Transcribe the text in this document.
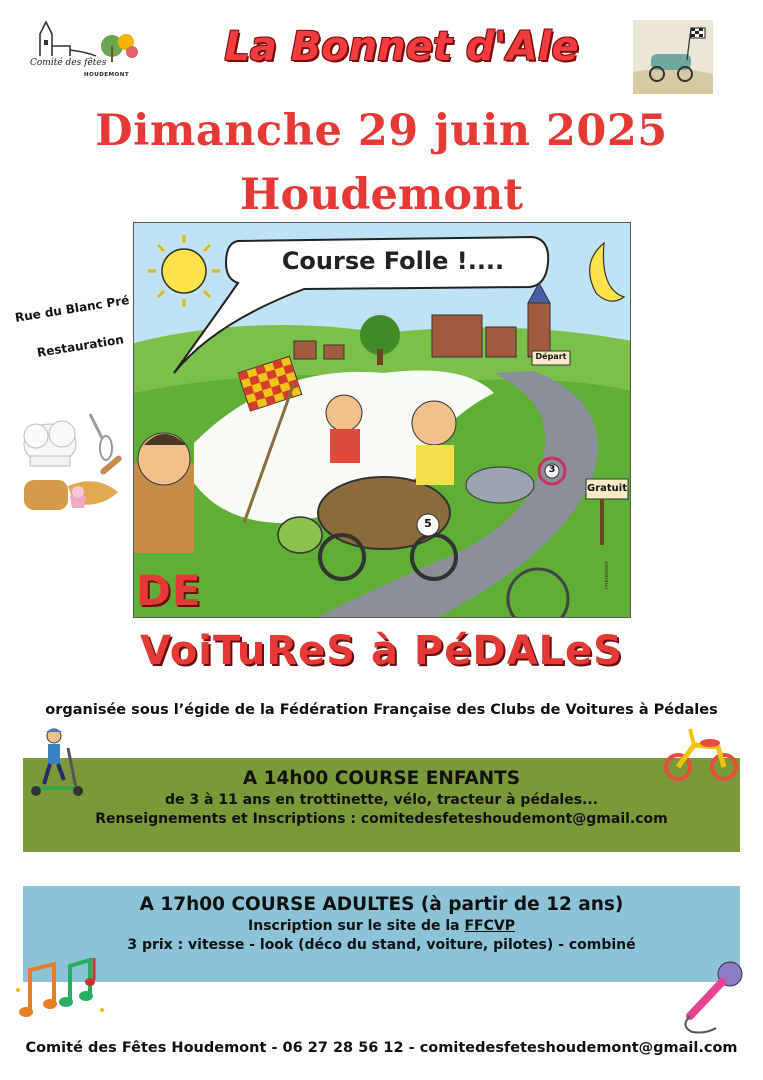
Comité des fêtes
HOUDEMONT
La Bonnet d'Ale
Dimanche 29 juin 2025
Houdemont
Rue du Blanc Pré
Restauration
Course Folle !....
Départ
Gratuit
5
3
Impression
DE
VoiTuReS à PéDALeS
organisée sous l’égide de la Fédération Française des Clubs de Voitures à Pédales
A 14h00 COURSE ENFANTS

de 3 à 11 ans en trottinette, vélo, tracteur à pédales...

Renseignements et Inscriptions : comitedesfeteshoudemont@gmail.com

A 17h00 COURSE ADULTES (à partir de 12 ans)

Inscription sur le site de la FFCVP

3 prix : vitesse - look (déco du stand, voiture, pilotes) - combiné

Comité des Fêtes Houdemont - 06 27 28 56 12 - comitedesfeteshoudemont@gmail.com
